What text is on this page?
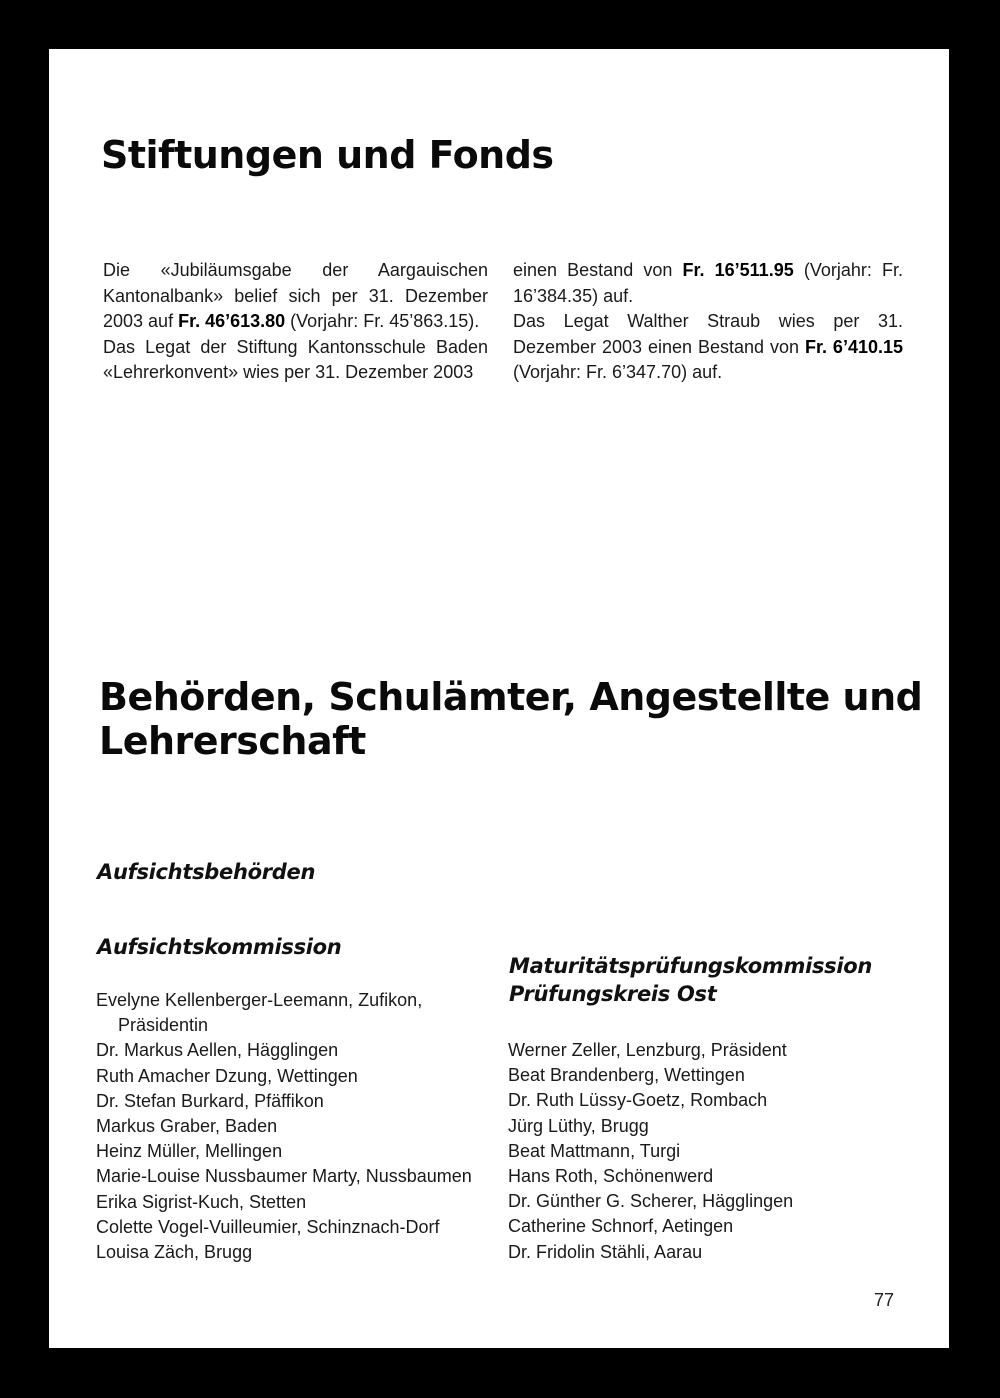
Stiftungen und Fonds
Die «Jubiläumsgabe der Aargauischen Kantonalbank» belief sich per 31. Dezember 2003 auf Fr. 46’613.80 (Vorjahr: Fr. 45’863.15).
Das Legat der Stiftung Kantonsschule Baden «Lehrerkonvent» wies per 31. Dezember 2003
einen Bestand von Fr. 16’511.95 (Vorjahr: Fr. 16’384.35) auf.
Das Legat Walther Straub wies per 31. Dezember 2003 einen Bestand von Fr. 6’410.15 (Vorjahr: Fr. 6’347.70) auf.
Behörden, Schulämter, Angestellte und
Lehrerschaft
Aufsichtsbehörden
Aufsichtskommission
Evelyne Kellenberger-Leemann, Zufikon, Präsidentin
Dr. Markus Aellen, Hägglingen
Ruth Amacher Dzung, Wettingen
Dr. Stefan Burkard, Pfäffikon
Markus Graber, Baden
Heinz Müller, Mellingen
Marie-Louise Nussbaumer Marty, Nussbaumen
Erika Sigrist-Kuch, Stetten
Colette Vogel-Vuilleumier, Schinznach-Dorf
Louisa Zäch, Brugg
Maturitätsprüfungskommission
Prüfungskreis Ost
Werner Zeller, Lenzburg, Präsident
Beat Brandenberg, Wettingen
Dr. Ruth Lüssy-Goetz, Rombach
Jürg Lüthy, Brugg
Beat Mattmann, Turgi
Hans Roth, Schönenwerd
Dr. Günther G. Scherer, Hägglingen
Catherine Schnorf, Aetingen
Dr. Fridolin Stähli, Aarau
77
